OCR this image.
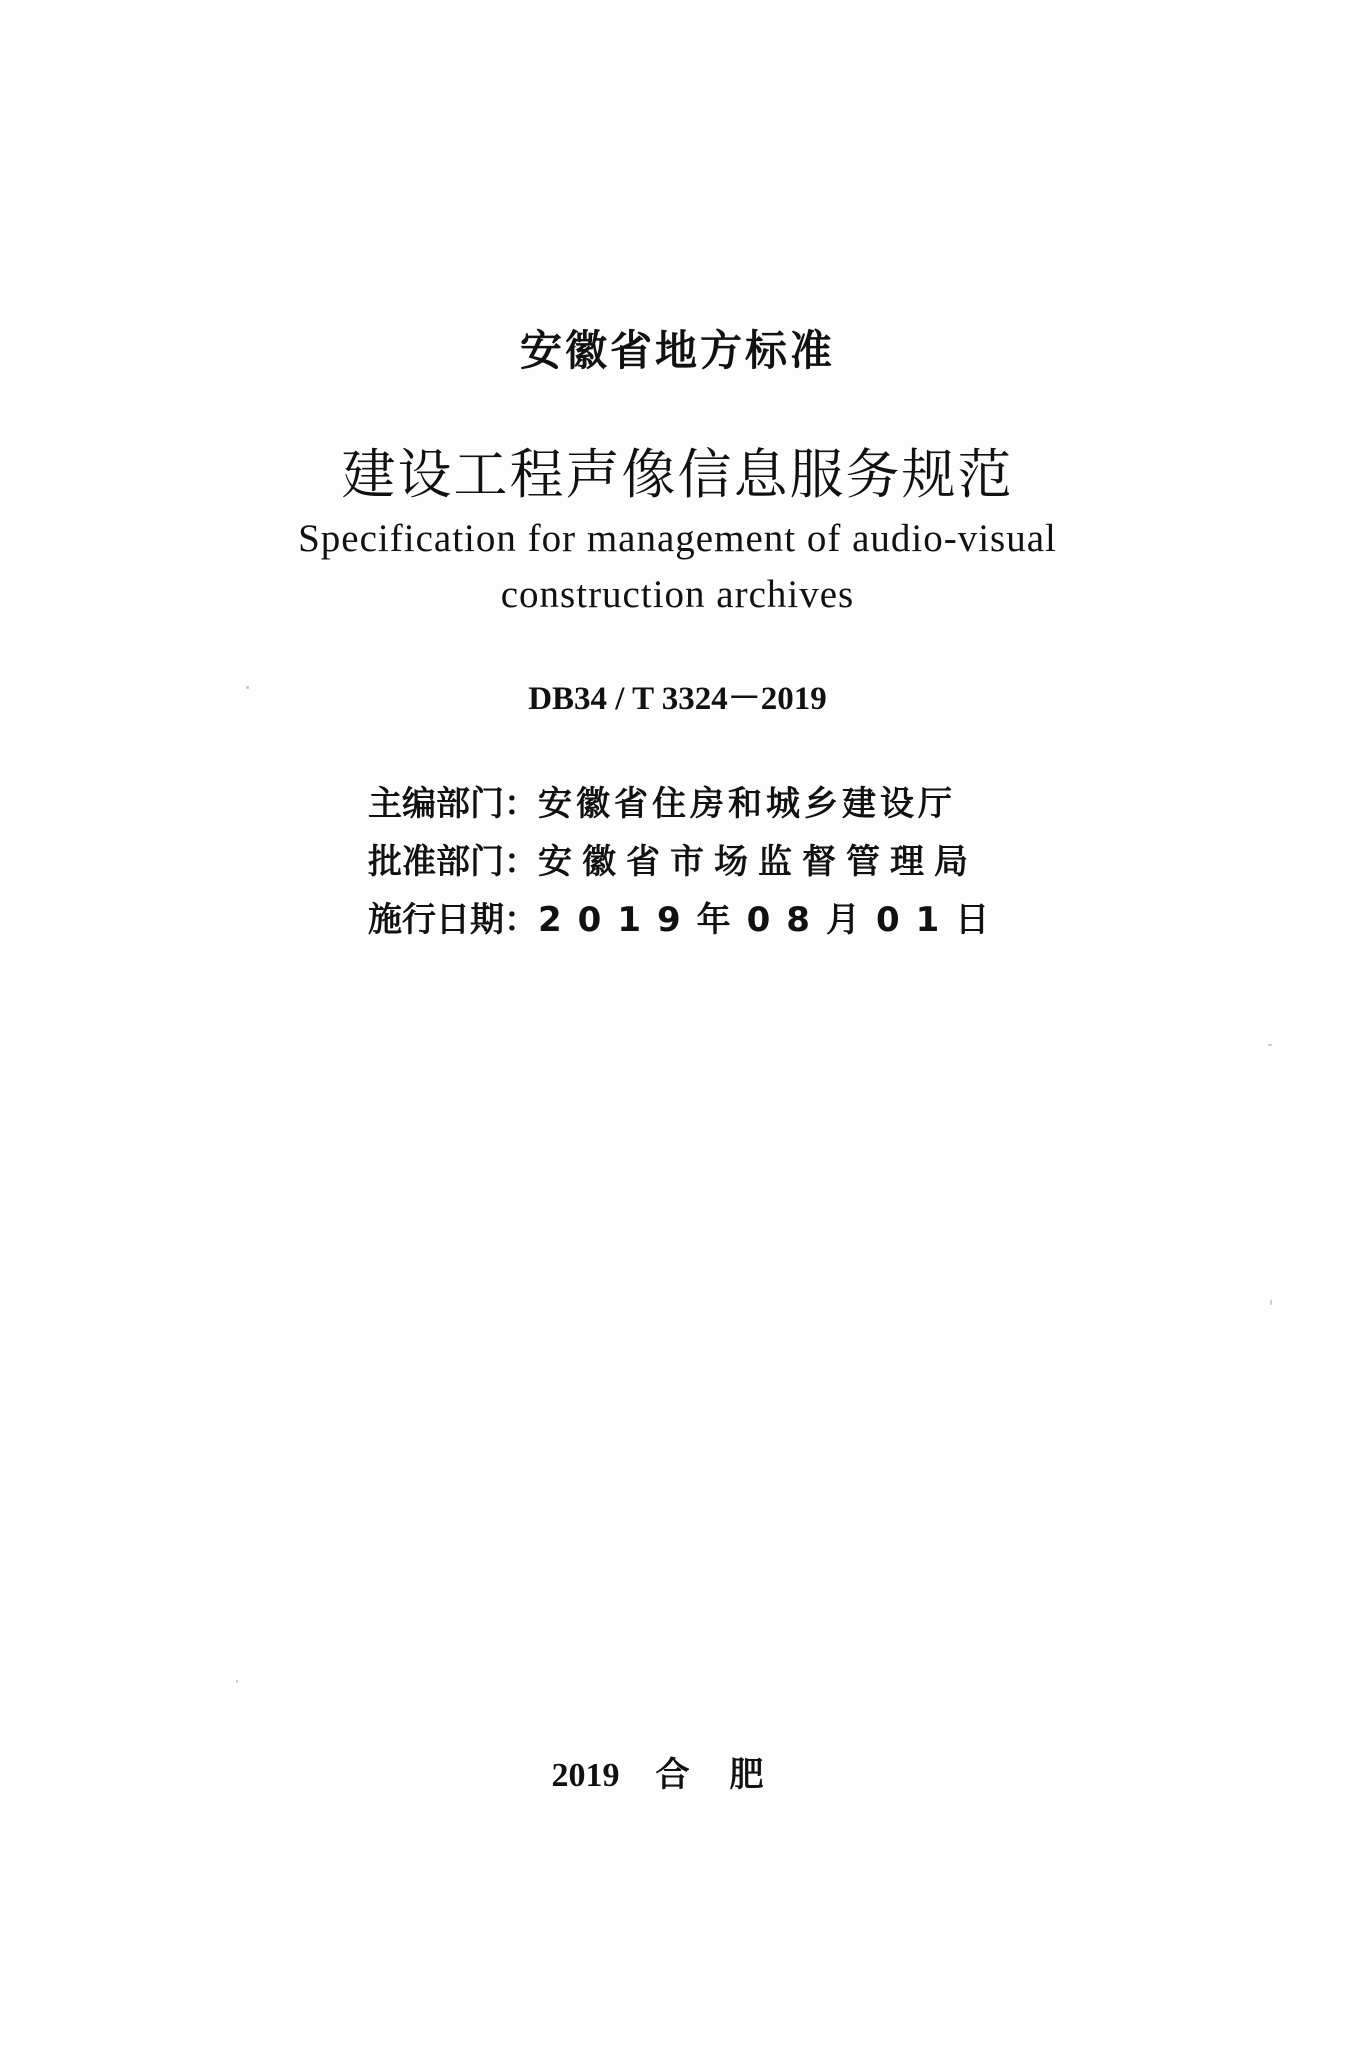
安徽省地方标准
建设工程声像信息服务规范
Specification for management of audio-visual
construction archives
DB34 / T 3324－2019
主编部门：安徽省住房和城乡建设厅
批准部门：安徽省市场监督管理局
施行日期：2019年08月01日
2019 合肥
